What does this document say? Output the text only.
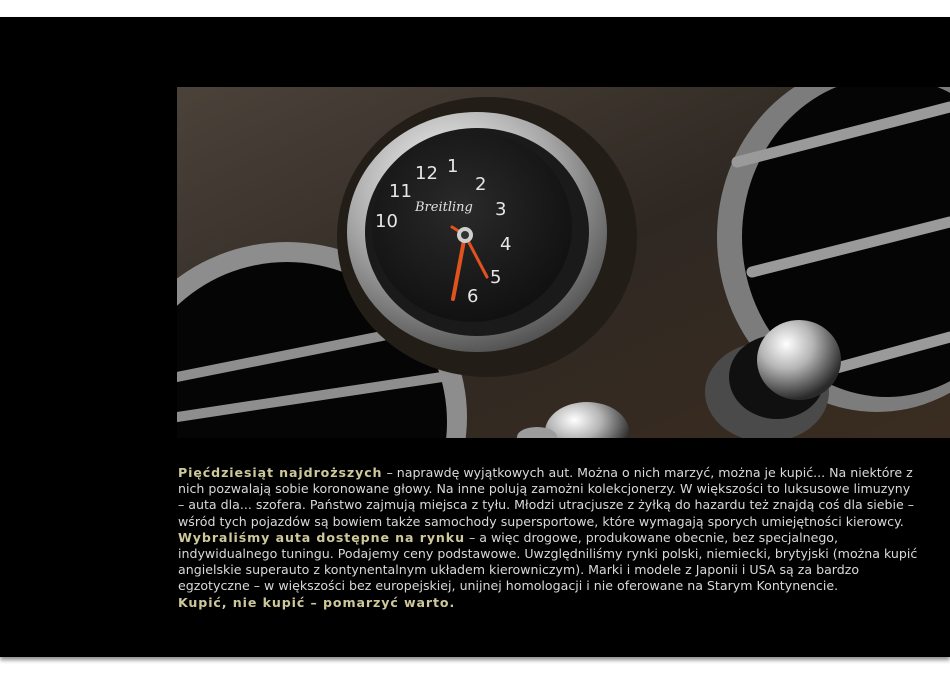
12 1
2
3
4
5
6
11
10
Breitling

Pięćdziesiąt najdroższych – naprawdę wyjątkowych aut. Można o nich marzyć, można je kupić... Na niektóre z nich pozwalają sobie koronowane głowy. Na inne polują zamożni kolekcjonerzy. W większości to luksusowe limuzyny – auta dla... szofera. Państwo zajmują miejsca z tyłu. Młodzi utracjusze z żyłką do hazardu też znajdą coś dla siebie – wśród tych pojazdów są bowiem także samochody supersportowe, które wymagają sporych umiejętności kierowcy.

Wybraliśmy auta dostępne na rynku – a więc drogowe, produkowane obecnie, bez specjalnego, indywidualnego tuningu. Podajemy ceny podstawowe. Uwzględniliśmy rynki polski, niemiecki, brytyjski (można kupić angielskie superauto z kontynentalnym układem kierowniczym). Marki i modele z Japonii i USA są za bardzo egzotyczne – w większości bez europejskiej, unijnej homologacji i nie oferowane na Starym Kontynencie.

Kupić, nie kupić – pomarzyć warto.
